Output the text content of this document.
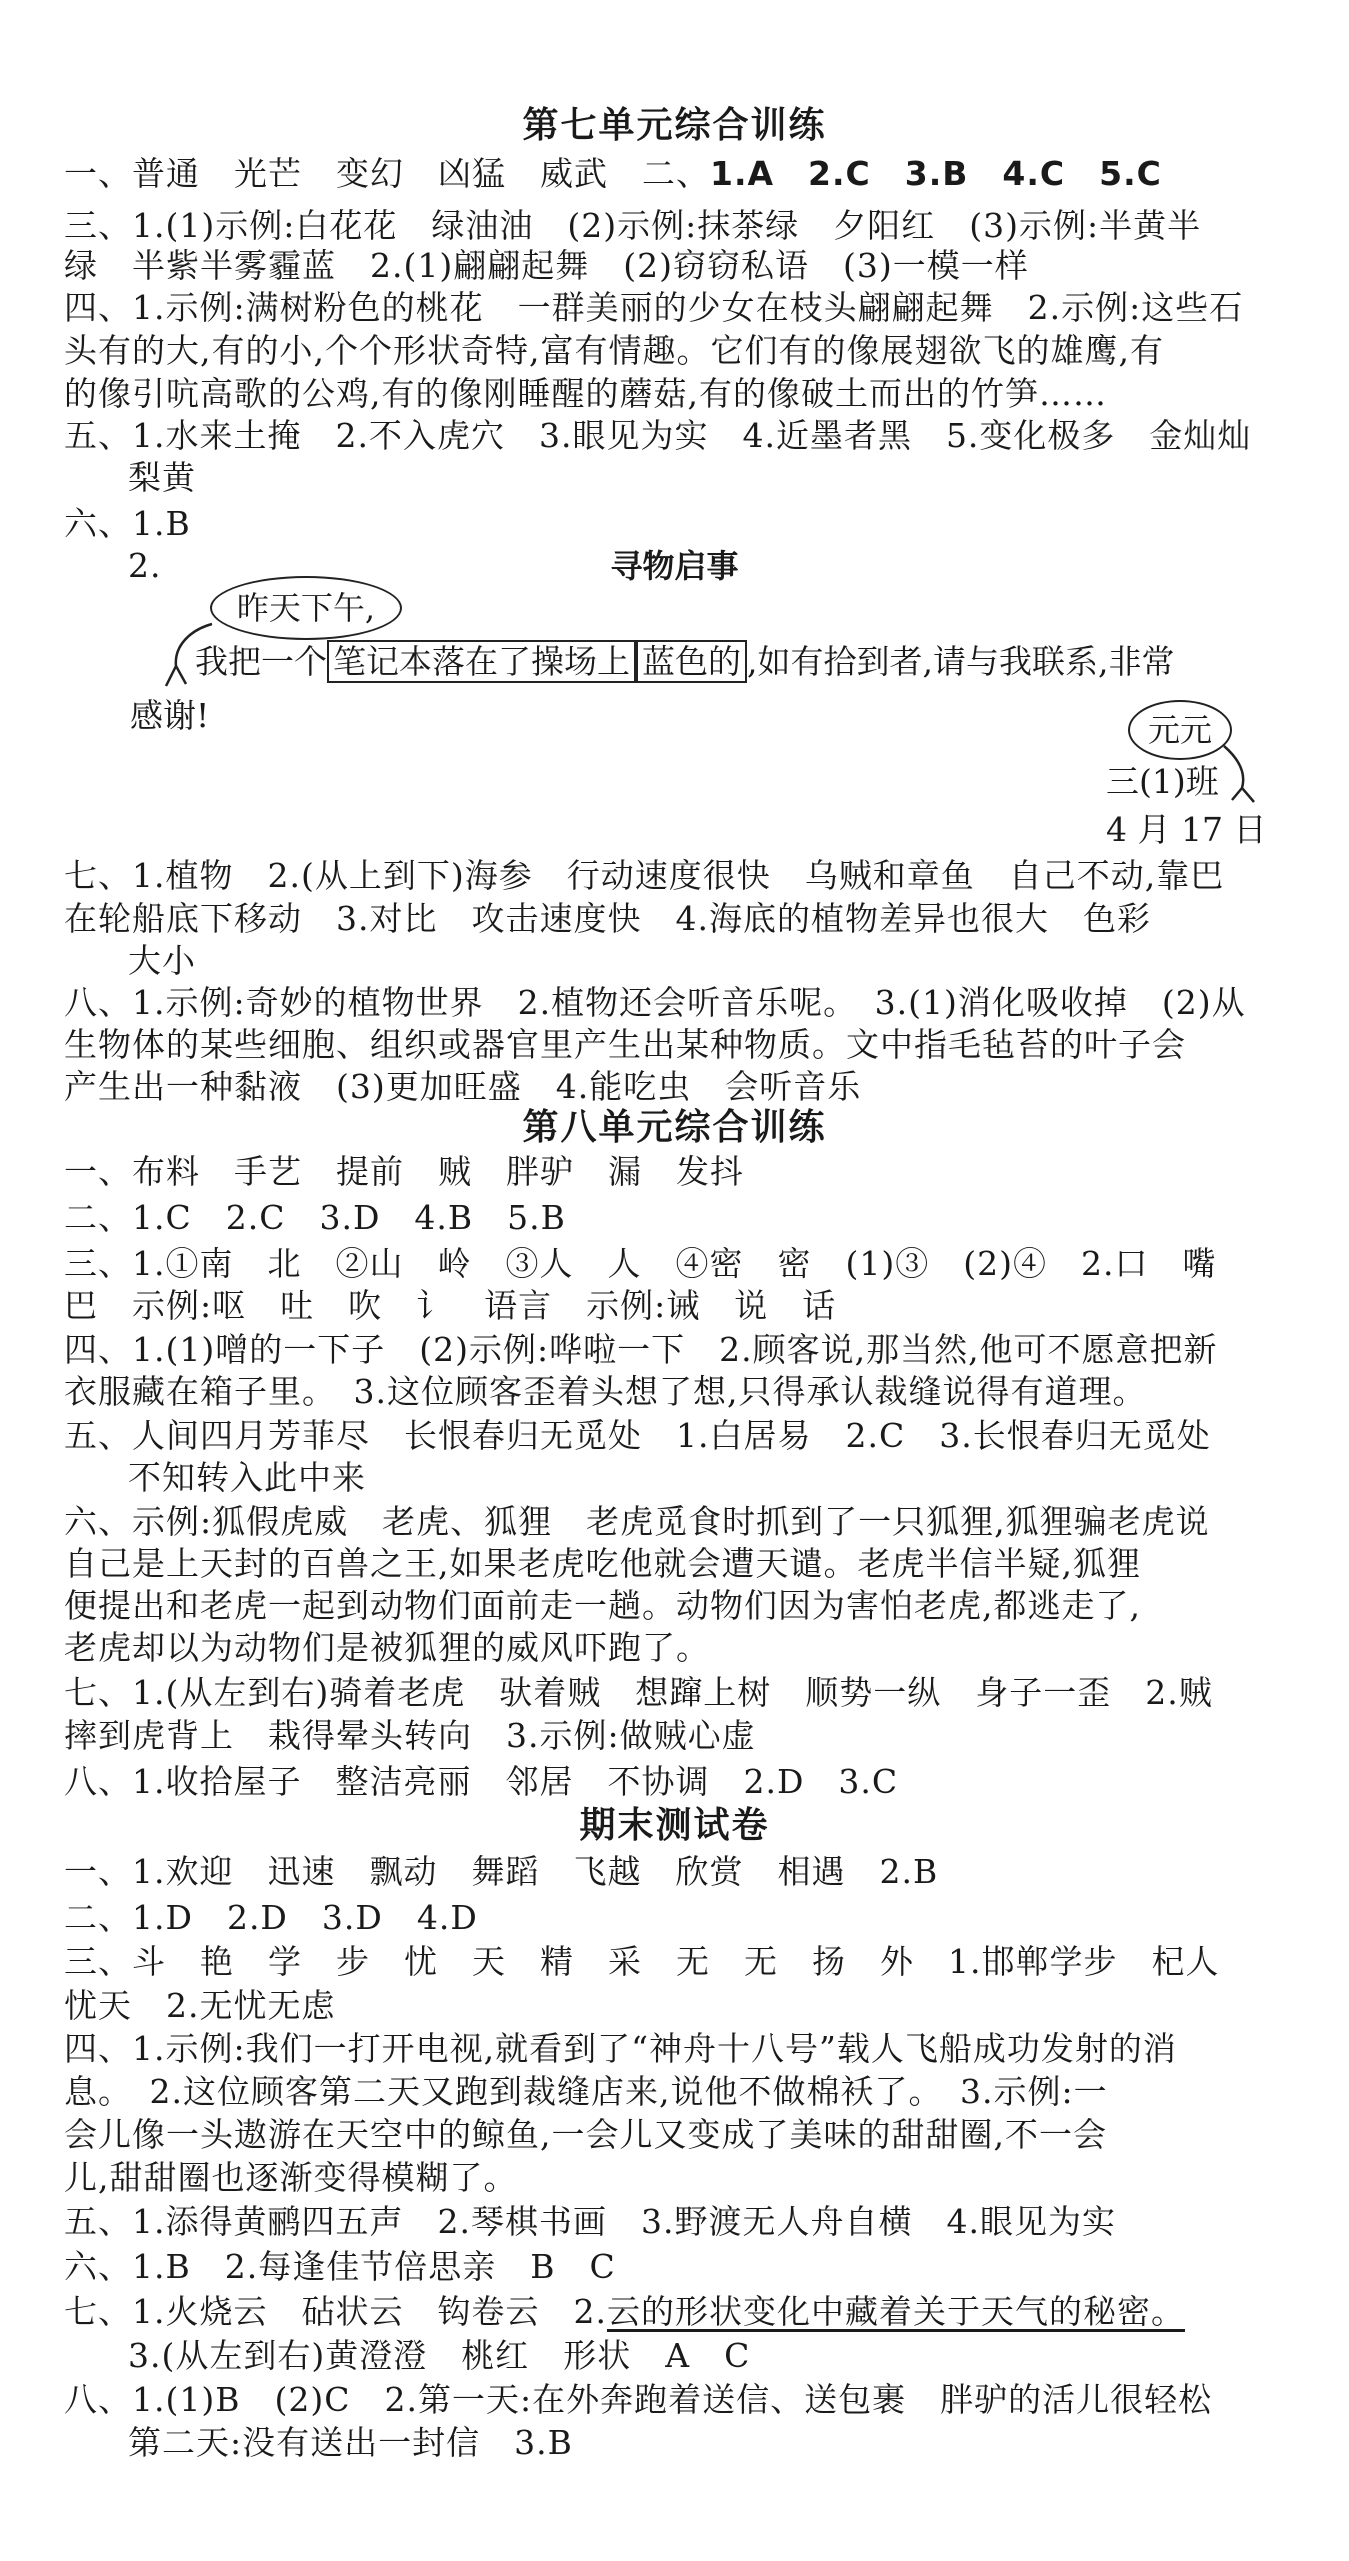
第七单元综合训练
一、普通　光芒　变幻　凶猛　威武　二、1.A　2.C　3.B　4.C　5.C
三、1.(1)示例:白花花　绿油油　(2)示例:抹茶绿　夕阳红　(3)示例:半黄半
绿　半紫半雾霾蓝　2.(1)翩翩起舞　(2)窃窃私语　(3)一模一样
四、1.示例:满树粉色的桃花　一群美丽的少女在枝头翩翩起舞　2.示例:这些石
头有的大,有的小,个个形状奇特,富有情趣。它们有的像展翅欲飞的雄鹰,有
的像引吭高歌的公鸡,有的像刚睡醒的蘑菇,有的像破土而出的竹笋……
五、1.水来土掩　2.不入虎穴　3.眼见为实　4.近墨者黑　5.变化极多　金灿灿
梨黄
六、1.B
2.	寻物启事
昨天下午,
我把一个 笔记本落在了操场上 蓝色的 ,如有拾到者,请与我联系,非常
感谢!	元元
三(1)班
4 月 17 日
七、1.植物　2.(从上到下)海参　行动速度很快　乌贼和章鱼　自己不动,靠巴
在轮船底下移动　3.对比　攻击速度快　4.海底的植物差异也很大　色彩
大小
八、1.示例:奇妙的植物世界　2.植物还会听音乐呢。　3.(1)消化吸收掉　(2)从
生物体的某些细胞、组织或器官里产生出某种物质。文中指毛毡苔的叶子会
产生出一种黏液　(3)更加旺盛　4.能吃虫　会听音乐
第八单元综合训练
一、布料　手艺　提前　贼　胖驴　漏　发抖
二、1.C　2.C　3.D　4.B　5.B
三、1.①南　北　②山　岭　③人　人　④密　密　(1)③　(2)④　2.口　嘴
巴　示例:呕　吐　吹　讠　语言　示例:诫　说　话
四、1.(1)噌的一下子　(2)示例:哗啦一下　2.顾客说,那当然,他可不愿意把新
衣服藏在箱子里。　3.这位顾客歪着头想了想,只得承认裁缝说得有道理。
五、人间四月芳菲尽　长恨春归无觅处　1.白居易　2.C　3.长恨春归无觅处
不知转入此中来
六、示例:狐假虎威　老虎、狐狸　老虎觅食时抓到了一只狐狸,狐狸骗老虎说
自己是上天封的百兽之王,如果老虎吃他就会遭天谴。老虎半信半疑,狐狸
便提出和老虎一起到动物们面前走一趟。动物们因为害怕老虎,都逃走了,
老虎却以为动物们是被狐狸的威风吓跑了。
七、1.(从左到右)骑着老虎　驮着贼　想蹿上树　顺势一纵　身子一歪　2.贼
摔到虎背上　栽得晕头转向　3.示例:做贼心虚
八、1.收拾屋子　整洁亮丽　邻居　不协调　2.D　3.C
期末测试卷
一、1.欢迎　迅速　飘动　舞蹈　飞越　欣赏　相遇　2.B
二、1.D　2.D　3.D　4.D
三、斗　艳　学　步　忧　天　精　采　无　无　扬　外　1.邯郸学步　杞人
忧天　2.无忧无虑
四、1.示例:我们一打开电视,就看到了“神舟十八号”载人飞船成功发射的消
息。　2.这位顾客第二天又跑到裁缝店来,说他不做棉袄了。　3.示例:一
会儿像一头遨游在天空中的鲸鱼,一会儿又变成了美味的甜甜圈,不一会
儿,甜甜圈也逐渐变得模糊了。
五、1.添得黄鹂四五声　2.琴棋书画　3.野渡无人舟自横　4.眼见为实
六、1.B　2.每逢佳节倍思亲　B　C
七、1.火烧云　砧状云　钩卷云　2.云的形状变化中藏着关于天气的秘密。
3.(从左到右)黄澄澄　桃红　形状　A　C
八、1.(1)B　(2)C　2.第一天:在外奔跑着送信、送包裹　胖驴的活儿很轻松
第二天:没有送出一封信　3.B
